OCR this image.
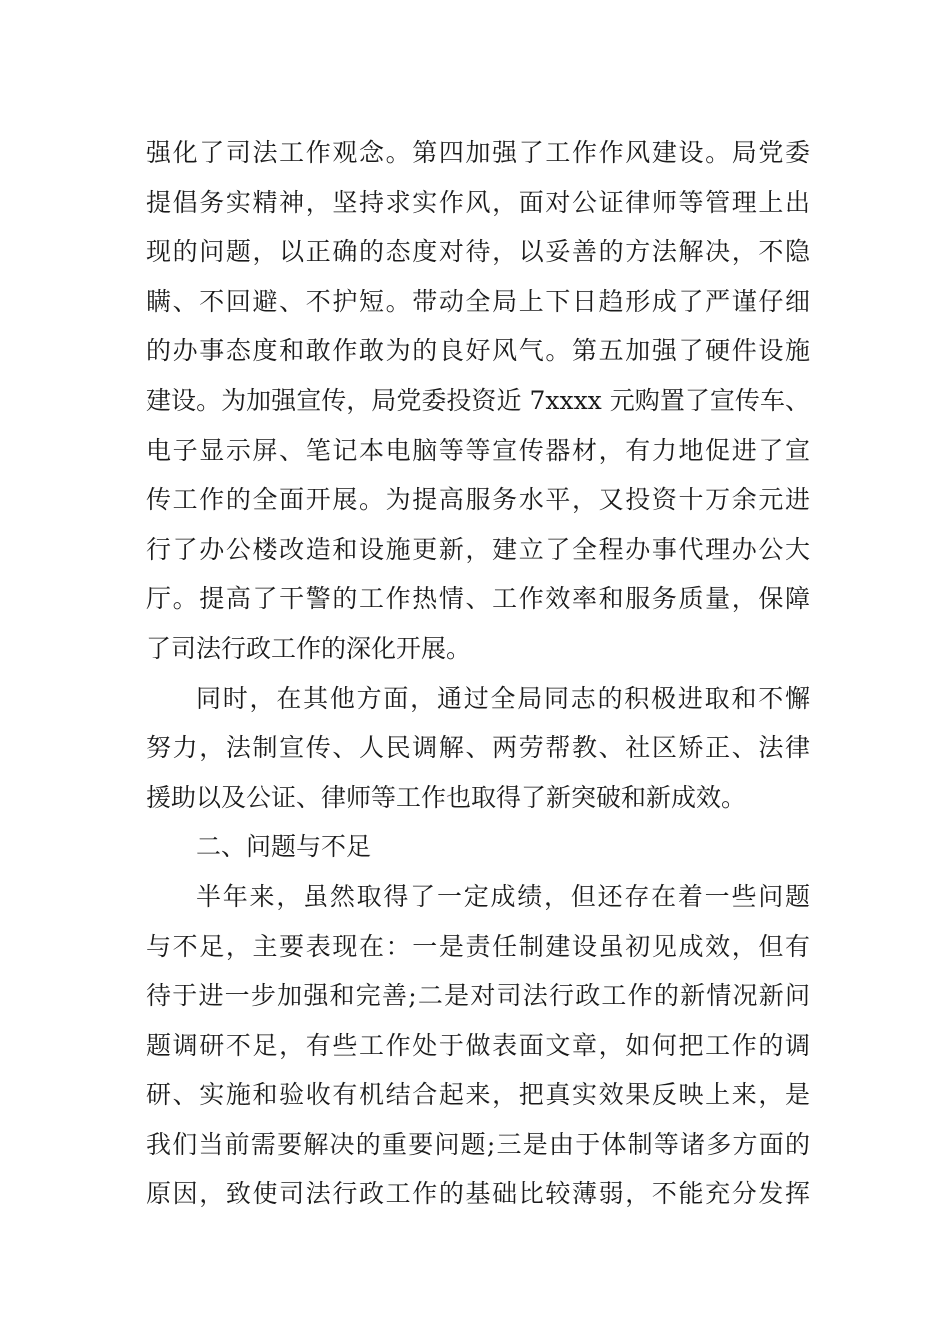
强化了司法工作观念。第四加强了工作作风建设。局党委
提倡务实精神，坚持求实作风，面对公证律师等管理上出
现的问题，以正确的态度对待，以妥善的方法解决，不隐
瞒、不回避、不护短。带动全局上下日趋形成了严谨仔细
的办事态度和敢作敢为的良好风气。第五加强了硬件设施
建设。为加强宣传，局党委投资近 7xxxx 元购置了宣传车、
电子显示屏、笔记本电脑等等宣传器材，有力地促进了宣
传工作的全面开展。为提高服务水平，又投资十万余元进
行了办公楼改造和设施更新，建立了全程办事代理办公大
厅。提高了干警的工作热情、工作效率和服务质量，保障
了司法行政工作的深化开展。
同时，在其他方面，通过全局同志的积极进取和不懈
努力，法制宣传、人民调解、两劳帮教、社区矫正、法律
援助以及公证、律师等工作也取得了新突破和新成效。
二、问题与不足
半年来，虽然取得了一定成绩，但还存在着一些问题
与不足，主要表现在：一是责任制建设虽初见成效，但有
待于进一步加强和完善;二是对司法行政工作的新情况新问
题调研不足，有些工作处于做表面文章，如何把工作的调
研、实施和验收有机结合起来，把真实效果反映上来，是
我们当前需要解决的重要问题;三是由于体制等诸多方面的
原因，致使司法行政工作的基础比较薄弱，不能充分发挥
